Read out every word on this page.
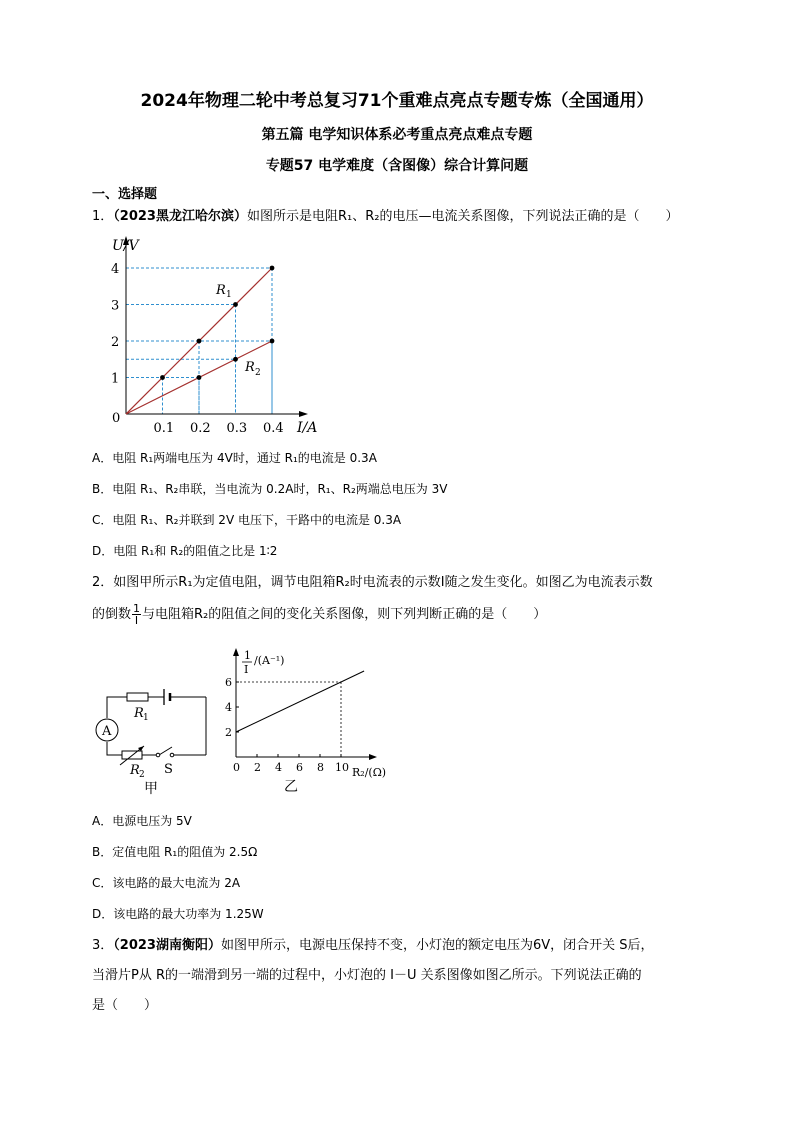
2024年物理二轮中考总复习71个重难点亮点专题专炼（全国通用）
第五篇 电学知识体系必考重点亮点难点专题
专题57 电学难度（含图像）综合计算问题
一、选择题
1．（2023黑龙江哈尔滨）如图所示是电阻R₁、R₂的电压—电流关系图像，下列说法正确的是（　　）
0.1 0.2 0.3 0.4
1
2
3
4
U/V
I/A
0
R 1
R 2
A．电阻 R₁两端电压为 4V时，通过 R₁的电流是 0.3A
B．电阻 R₁、R₂串联，当电流为 0.2A时，R₁、R₂两端总电压为 3V
C．电阻 R₁、R₂并联到 2V 电压下，干路中的电流是 0.3A
D．电阻 R₁和 R₂的阻值之比是 1∶2
2．如图甲所示R₁为定值电阻，调节电阻箱R₂时电流表的示数I随之发生变化。如图乙为电流表示数
的倒数 $\frac{1}{I}$ 与电阻箱R₂的阻值之间的变化关系图像，则下列判断正确的是（　　）
A
R 1
R 2 S
甲
0 2 4 6 8 10
2
4
6
1
I
/(A⁻¹)
R₂/(Ω)
乙
A．电源电压为 5V
B．定值电阻 R₁的阻值为 2.5Ω
C．该电路的最大电流为 2A
D．该电路的最大功率为 1.25W
3．（2023湖南衡阳）如图甲所示，电源电压保持不变，小灯泡的额定电压为6V，闭合开关 S后，
当滑片P从 R的一端滑到另一端的过程中，小灯泡的 I－U 关系图像如图乙所示。下列说法正确的
是（　　）
